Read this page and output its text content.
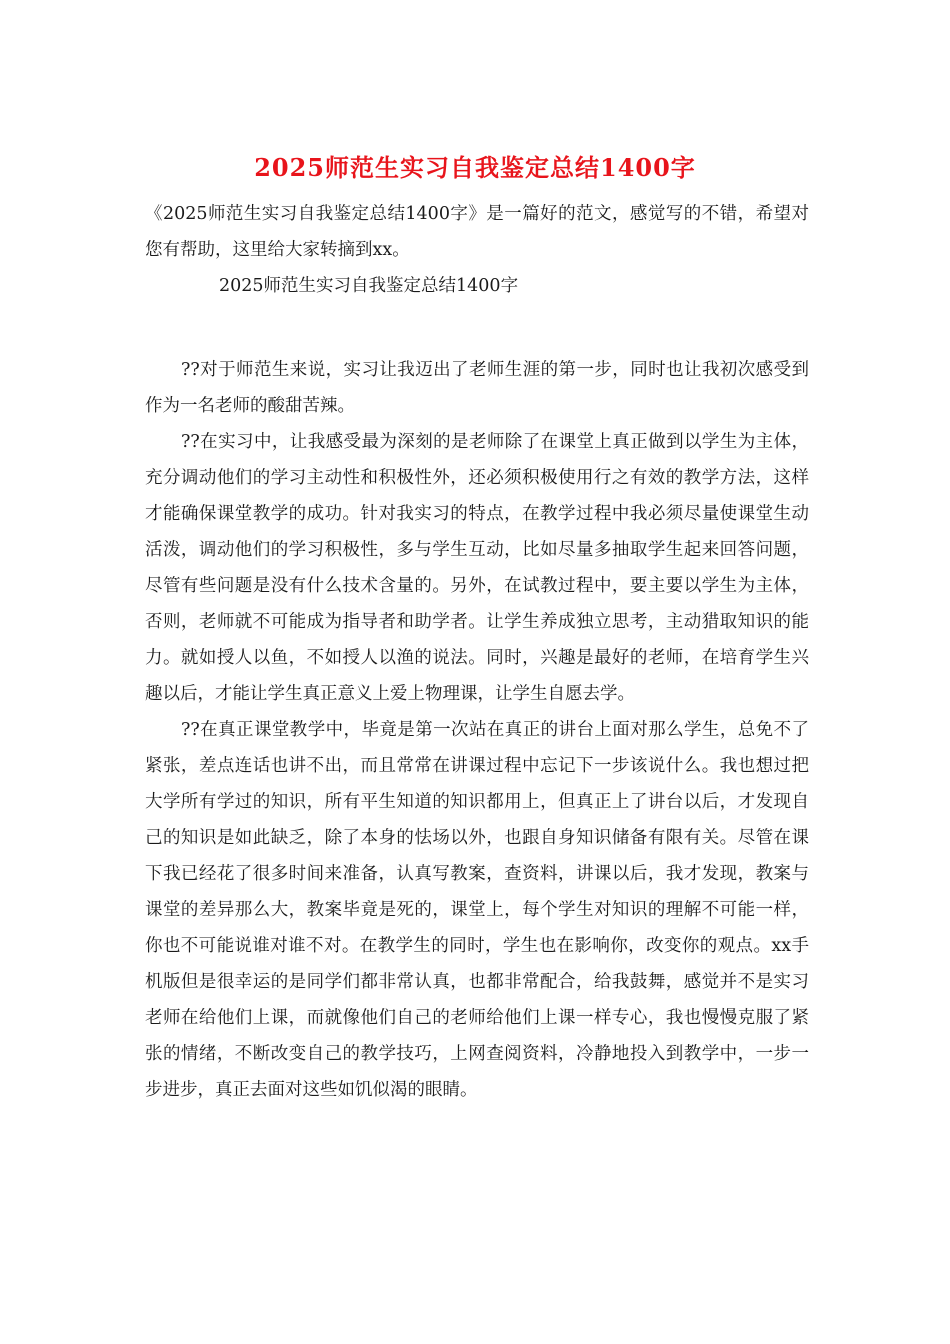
2025师范生实习自我鉴定总结1400字

《2025师范生实习自我鉴定总结1400字》是一篇好的范文，感觉写的不错，希望对您有帮助，这里给大家转摘到xx。

2025师范生实习自我鉴定总结1400字

??对于师范生来说，实习让我迈出了老师生涯的第一步，同时也让我初次感受到作为一名老师的酸甜苦辣。

??在实习中，让我感受最为深刻的是老师除了在课堂上真正做到以学生为主体，充分调动他们的学习主动性和积极性外，还必须积极使用行之有效的教学方法，这样才能确保课堂教学的成功。针对我实习的特点，在教学过程中我必须尽量使课堂生动活泼，调动他们的学习积极性，多与学生互动，比如尽量多抽取学生起来回答问题，尽管有些问题是没有什么技术含量的。另外，在试教过程中，要主要以学生为主体，否则，老师就不可能成为指导者和助学者。让学生养成独立思考，主动猎取知识的能力。就如授人以鱼，不如授人以渔的说法。同时，兴趣是最好的老师，在培育学生兴趣以后，才能让学生真正意义上爱上物理课，让学生自愿去学。

??在真正课堂教学中，毕竟是第一次站在真正的讲台上面对那么学生，总免不了紧张，差点连话也讲不出，而且常常在讲课过程中忘记下一步该说什么。我也想过把大学所有学过的知识，所有平生知道的知识都用上，但真正上了讲台以后，才发现自己的知识是如此缺乏，除了本身的怯场以外，也跟自身知识储备有限有关。尽管在课下我已经花了很多时间来准备，认真写教案，查资料，讲课以后，我才发现，教案与课堂的差异那么大，教案毕竟是死的，课堂上，每个学生对知识的理解不可能一样，你也不可能说谁对谁不对。在教学生的同时，学生也在影响你，改变你的观点。xx手机版但是很幸运的是同学们都非常认真，也都非常配合，给我鼓舞，感觉并不是实习老师在给他们上课，而就像他们自己的老师给他们上课一样专心，我也慢慢克服了紧张的情绪，不断改变自己的教学技巧，上网查阅资料，冷静地投入到教学中，一步一步进步，真正去面对这些如饥似渴的眼睛。
